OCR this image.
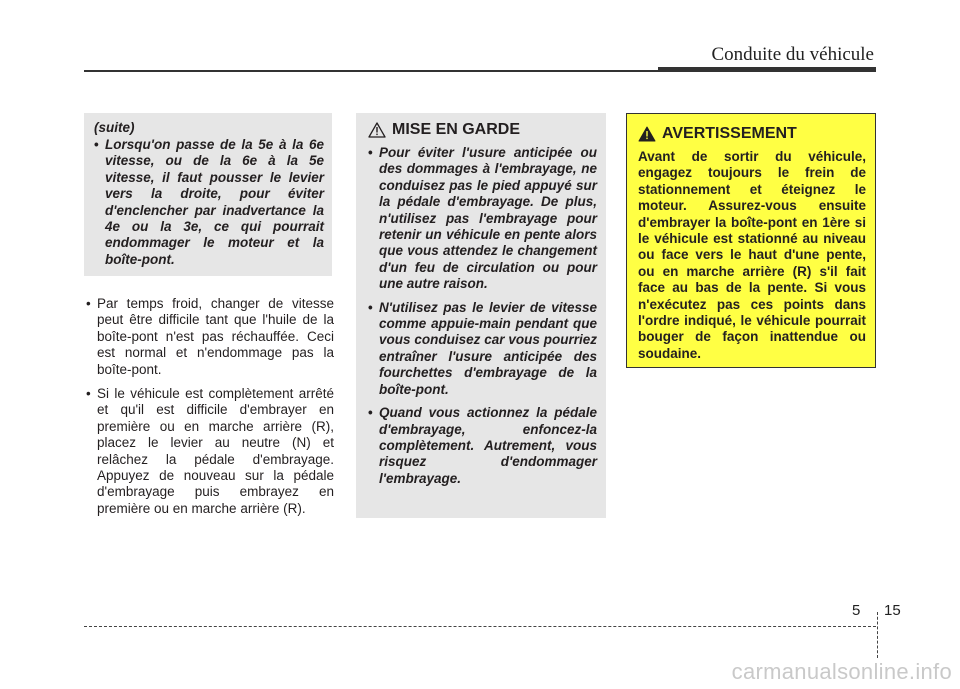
Conduite du véhicule
(suite)
• Lorsqu'on passe de la 5e à la 6e vitesse, ou de la 6e à la 5e vitesse, il faut pousser le levier vers la droite, pour éviter d'enclencher par inadvertance la 4e ou la 3e, ce qui pourrait endommager le moteur et la boîte-pont.
• Par temps froid, changer de vitesse peut être difficile tant que l'huile de la boîte-pont n'est pas réchauffée. Ceci est normal et n'endommage pas la boîte-pont.
• Si le véhicule est complètement arrêté et qu'il est difficile d'embrayer en première ou en marche arrière (R), placez le levier au neutre (N) et relâchez la pédale d'embrayage. Appuyez de nouveau sur la pédale d'embrayage puis embrayez en première ou en marche arrière (R).
MISE EN GARDE
• Pour éviter l'usure anticipée ou des dommages à l'embrayage, ne conduisez pas le pied appuyé sur la pédale d'embrayage. De plus, n'utilisez pas l'embrayage pour retenir un véhicule en pente alors que vous attendez le changement d'un feu de circulation ou pour une autre raison.
• N'utilisez pas le levier de vitesse comme appuie-main pendant que vous conduisez car vous pourriez entraîner l'usure anticipée des fourchettes d'embrayage de la boîte-pont.
• Quand vous actionnez la pédale d'embrayage, enfoncez-la complètement. Autrement, vous risquez d'endommager l'embrayage.
AVERTISSEMENT

Avant de sortir du véhicule, engagez toujours le frein de stationnement et éteignez le moteur. Assurez-vous ensuite d'embrayer la boîte-pont en 1ère si le véhicule est stationné au niveau ou face vers le haut d'une pente, ou en marche arrière (R) s'il fait face au bas de la pente. Si vous n'exécutez pas ces points dans l'ordre indiqué, le véhicule pourrait bouger de façon inattendue ou soudaine.

5 15
carmanualsonline.info
